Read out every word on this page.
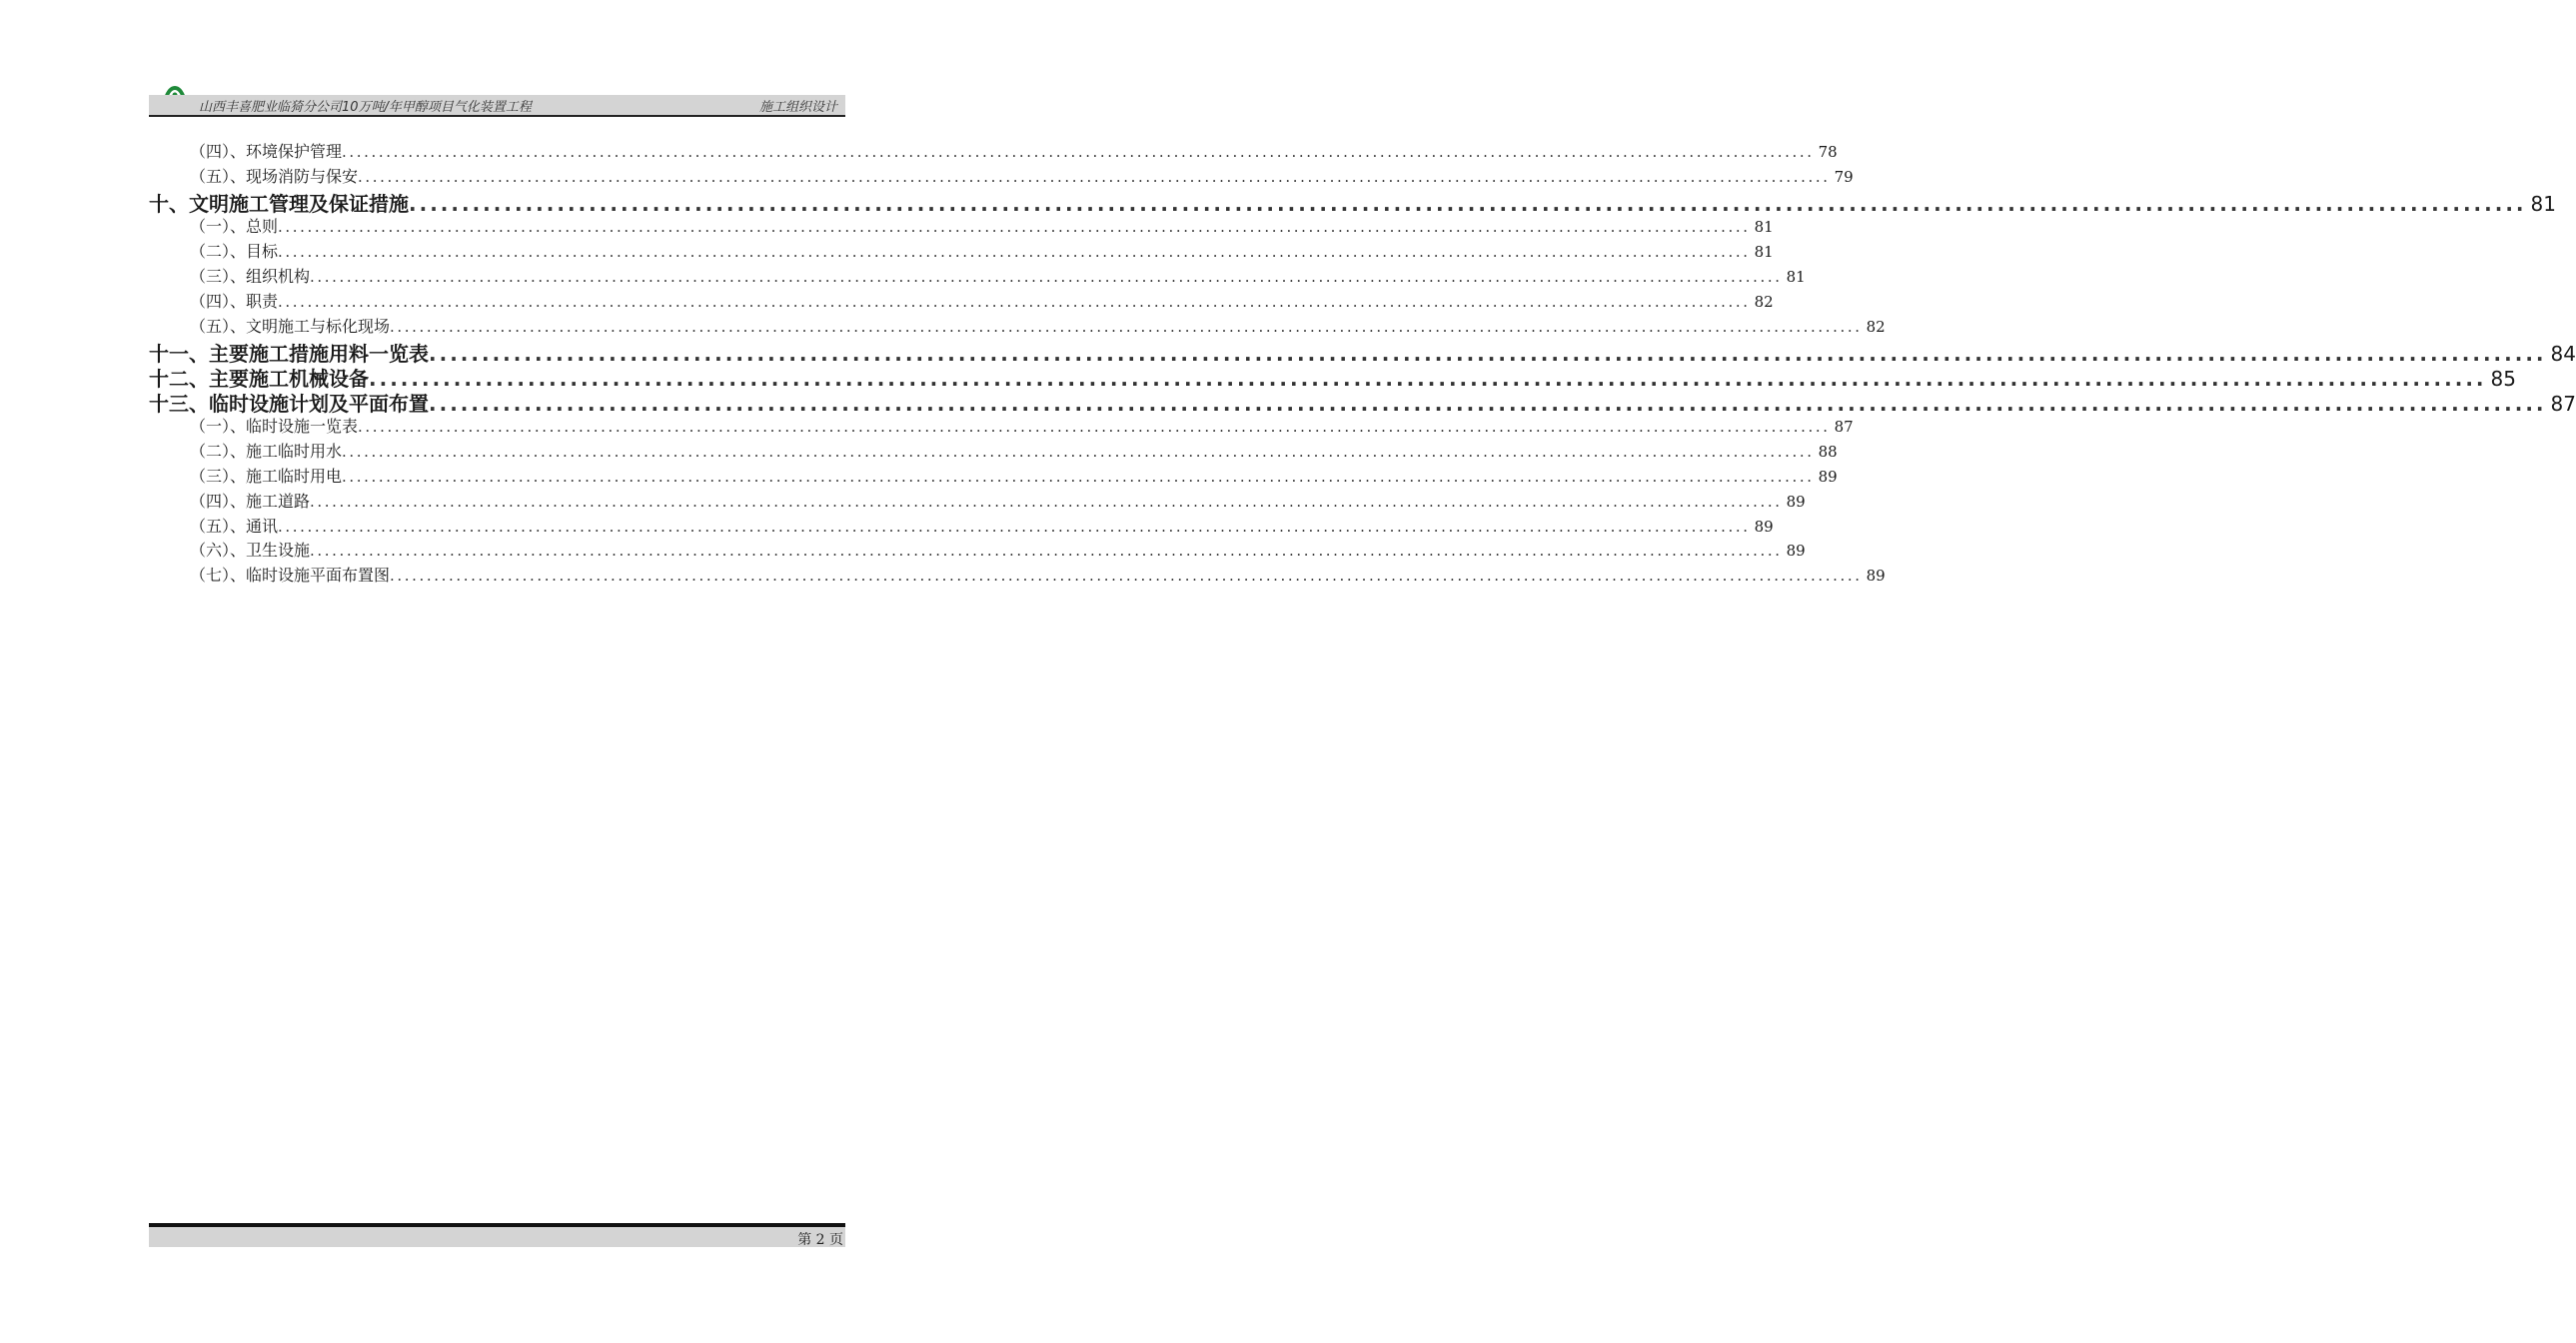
山西丰喜肥业临猗分公司10万吨/年甲醇项目气化装置工程	施工组织设计
（四）、环境保护管理 ........................................................................................................................................................................................................ 78
（五）、现场消防与保安 ........................................................................................................................................................................................................ 79
十、文明施工管理及保证措施 ........................................................................................................................................................................................................ 81
（一）、总则 ........................................................................................................................................................................................................ 81
（二）、目标 ........................................................................................................................................................................................................ 81
（三）、组织机构 ........................................................................................................................................................................................................ 81
（四）、职责 ........................................................................................................................................................................................................ 82
（五）、文明施工与标化现场 ........................................................................................................................................................................................................ 82
十一、主要施工措施用料一览表 ........................................................................................................................................................................................................ 84
十二、主要施工机械设备 ........................................................................................................................................................................................................ 85
十三、临时设施计划及平面布置 ........................................................................................................................................................................................................ 87
（一）、临时设施一览表 ........................................................................................................................................................................................................ 87
（二）、施工临时用水 ........................................................................................................................................................................................................ 88
（三）、施工临时用电 ........................................................................................................................................................................................................ 89
（四）、施工道路 ........................................................................................................................................................................................................ 89
（五）、通讯 ........................................................................................................................................................................................................ 89
（六）、卫生设施 ........................................................................................................................................................................................................ 89
（七）、临时设施平面布置图 ........................................................................................................................................................................................................ 89
第 2 页
